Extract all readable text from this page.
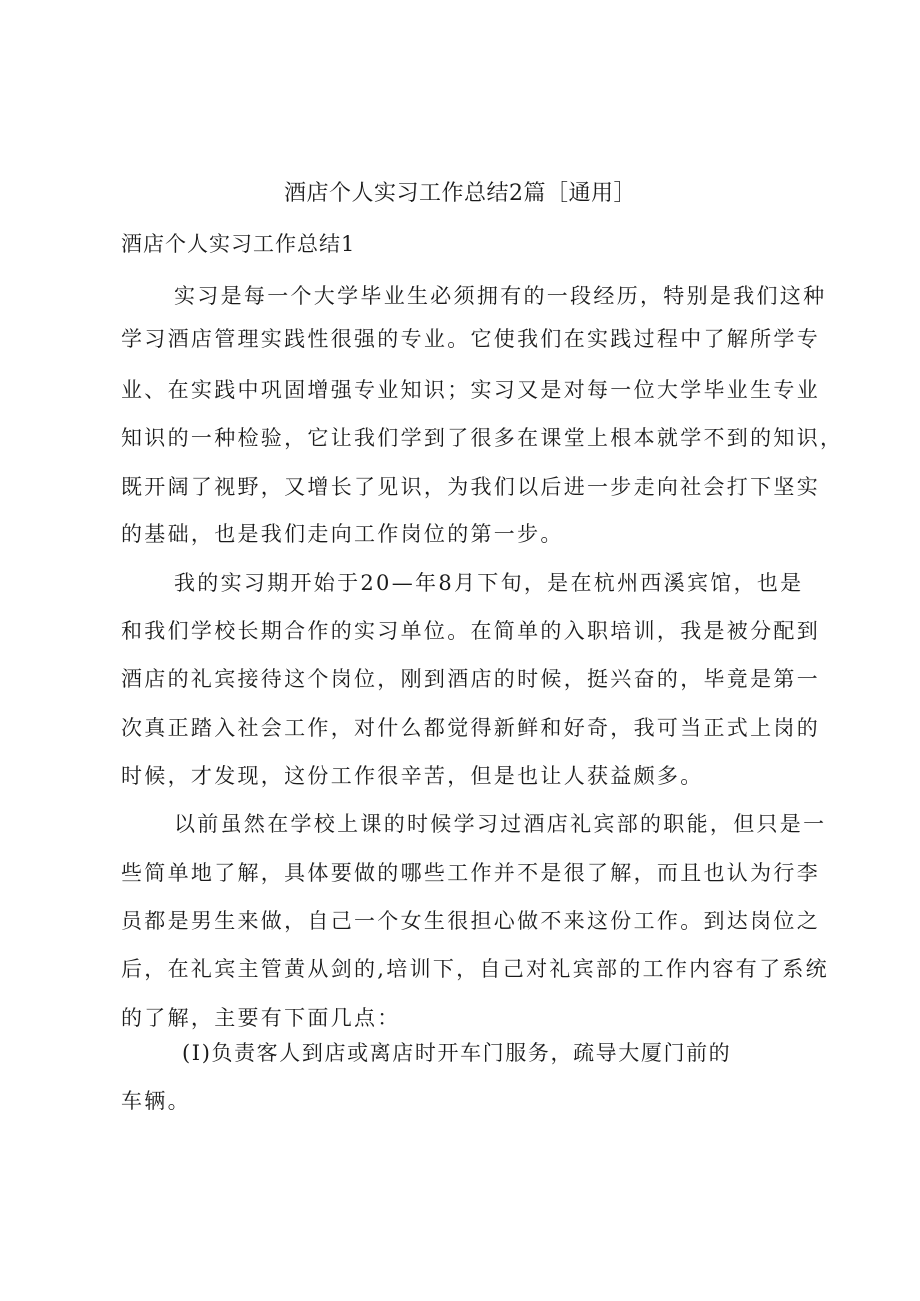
酒店个人实习工作总结2篇［通用］
酒店个人实习工作总结1
实习是每一个大学毕业生必须拥有的一段经历，特别是我们这种
学习酒店管理实践性很强的专业。它使我们在实践过程中了解所学专
业、在实践中巩固增强专业知识；实习又是对每一位大学毕业生专业
知识的一种检验，它让我们学到了很多在课堂上根本就学不到的知识，
既开阔了视野，又增长了见识，为我们以后进一步走向社会打下坚实
的基础，也是我们走向工作岗位的第一步。
我的实习期开始于20—年8月下旬，是在杭州西溪宾馆，也是
和我们学校长期合作的实习单位。在简单的入职培训，我是被分配到
酒店的礼宾接待这个岗位，刚到酒店的时候，挺兴奋的，毕竟是第一
次真正踏入社会工作，对什么都觉得新鲜和好奇，我可当正式上岗的
时候，才发现，这份工作很辛苦，但是也让人获益颇多。
以前虽然在学校上课的时候学习过酒店礼宾部的职能，但只是一
些简单地了解，具体要做的哪些工作并不是很了解，而且也认为行李
员都是男生来做，自己一个女生很担心做不来这份工作。到达岗位之
后，在礼宾主管黄从剑的,培训下，自己对礼宾部的工作内容有了系统
的了解，主要有下面几点：
(I)负责客人到店或离店时开车门服务，疏导大厦门前的
车辆。
